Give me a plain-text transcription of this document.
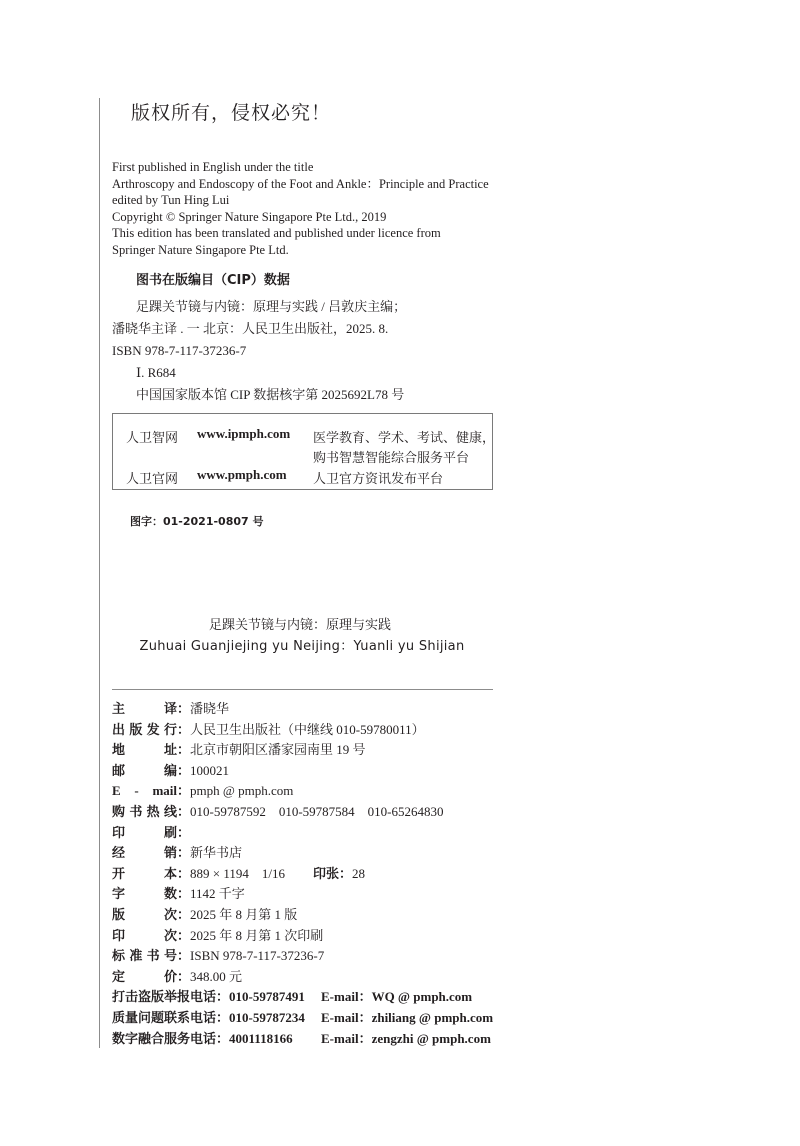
版权所有，侵权必究！
First published in English under the title
Arthroscopy and Endoscopy of the Foot and Ankle：Principle and Practice
edited by Tun Hing Lui
Copyright © Springer Nature Singapore Pte Ltd., 2019
This edition has been translated and published under licence from
Springer Nature Singapore Pte Ltd.
图书在版编目（CIP）数据
足踝关节镜与内镜：原理与实践 / 吕敦庆主编；
潘晓华主译 . 一 北京：人民卫生出版社，2025. 8.
ISBN 978-7-117-37236-7
Ⅰ. R684
中国国家版本馆 CIP 数据核字第 2025692L78 号
人卫智网 www.ipmph.com 医学教育、学术、考试、健康，
购书智慧智能综合服务平台
人卫官网 www.pmph.com 人卫官方资讯发布平台
图字：01-2021-0807 号
足踝关节镜与内镜：原理与实践
Zuhuai Guanjiejing yu Neijing：Yuanli yu Shijian
主　　译：潘晓华
出版发行：人民卫生出版社（中继线 010-59780011）
地　　址：北京市朝阳区潘家园南里 19 号
邮　　编：100021
E - mail：pmph @ pmph.com
购书热线：010-59787592　010-59787584　010-65264830
印　　刷：
经　　销：新华书店
开　　本：889 × 1194　1/16 印张：28
字　　数：1142 千字
版　　次：2025 年 8 月第 1 版
印　　次：2025 年 8 月第 1 次印刷
标准书号：ISBN 978-7-117-37236-7
定　　价：348.00 元
打击盗版举报电话：010-59787491 E-mail：WQ @ pmph.com
质量问题联系电话：010-59787234 E-mail：zhiliang @ pmph.com
数字融合服务电话：4001118166 E-mail：zengzhi @ pmph.com
